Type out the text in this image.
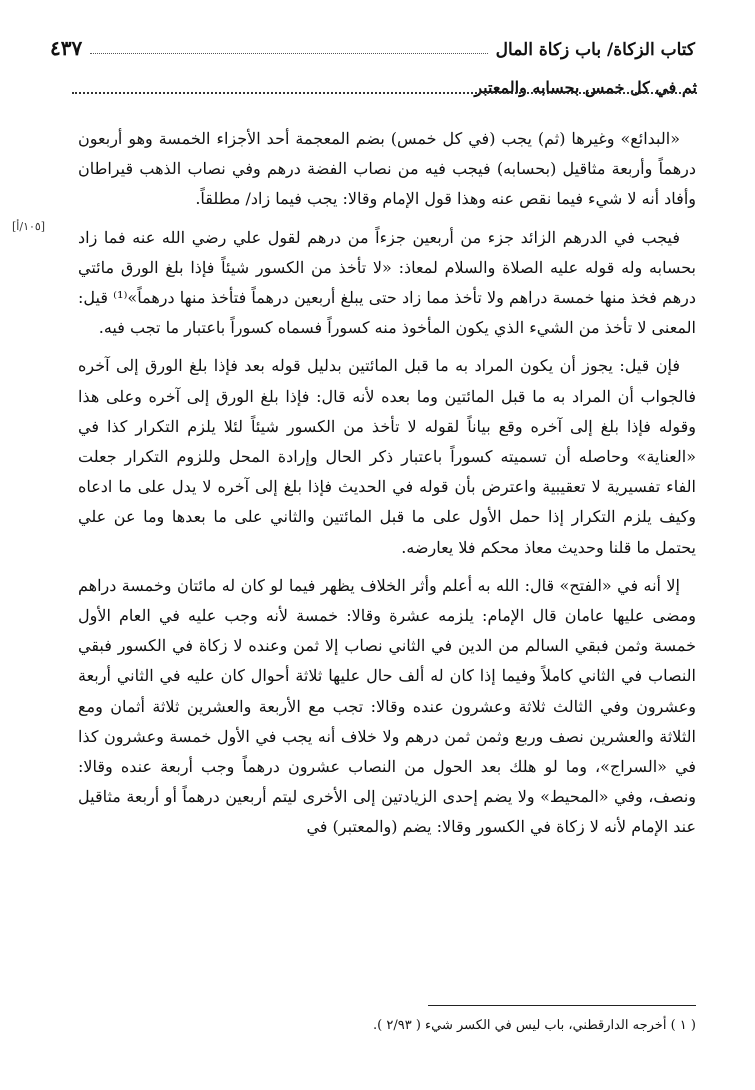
كتاب الزكاة/ باب زكاة المال
٤٣٧
ثم في كل خمس بحسابه والمعتبر
[١٠٥/أ]

«البدائع» وغيرها (ثم) يجب (في كل خمس) بضم المعجمة أحد الأجزاء الخمسة وهو أربعون درهماً وأربعة مثاقيل (بحسابه) فيجب فيه من نصاب الفضة درهم وفي نصاب الذهب قيراطان وأفاد أنه لا شيء فيما نقص عنه وهذا قول الإمام وقالا: يجب فيما زاد/ مطلقاً.

فيجب في الدرهم الزائد جزء من أربعين جزءاً من درهم لقول علي رضي الله عنه فما زاد بحسابه وله قوله عليه الصلاة والسلام لمعاذ: «لا تأخذ من الكسور شيئاً فإذا بلغ الورق مائتي درهم فخذ منها خمسة دراهم ولا تأخذ مما زاد حتى يبلغ أربعين درهماً فتأخذ منها درهماً»⁽¹⁾ قيل: المعنى لا تأخذ من الشيء الذي يكون المأخوذ منه كسوراً فسماه كسوراً باعتبار ما تجب فيه.

فإن قيل: يجوز أن يكون المراد به ما قبل المائتين بدليل قوله بعد فإذا بلغ الورق إلى آخره فالجواب أن المراد به ما قبل المائتين وما بعده لأنه قال: فإذا بلغ الورق إلى آخره وعلى هذا وقوله فإذا بلغ إلى آخره وقع بياناً لقوله لا تأخذ من الكسور شيئاً لئلا يلزم التكرار كذا في «العناية» وحاصله أن تسميته كسوراً باعتبار ذكر الحال وإرادة المحل وللزوم التكرار جعلت الفاء تفسيرية لا تعقيبية واعترض بأن قوله في الحديث فإذا بلغ إلى آخره لا يدل على ما ادعاه وكيف يلزم التكرار إذا حمل الأول على ما قبل المائتين والثاني على ما بعدها وما عن علي يحتمل ما قلنا وحديث معاذ محكم فلا يعارضه.

إلا أنه في «الفتح» قال: الله به أعلم وأثر الخلاف يظهر فيما لو كان له مائتان وخمسة دراهم ومضى عليها عامان قال الإمام: يلزمه عشرة وقالا: خمسة لأنه وجب عليه في العام الأول خمسة وثمن فبقي السالم من الدين في الثاني نصاب إلا ثمن وعنده لا زكاة في الكسور فبقي النصاب في الثاني كاملاً وفيما إذا كان له ألف حال عليها ثلاثة أحوال كان عليه في الثاني أربعة وعشرون وفي الثالث ثلاثة وعشرون عنده وقالا: تجب مع الأربعة والعشرين ثلاثة أثمان ومع الثلاثة والعشرين نصف وربع وثمن ثمن درهم ولا خلاف أنه يجب في الأول خمسة وعشرون كذا في «السراج»، وما لو هلك بعد الحول من النصاب عشرون درهماً وجب أربعة عنده وقالا: ونصف، وفي «المحيط» ولا يضم إحدى الزيادتين إلى الأخرى ليتم أربعين درهماً أو أربعة مثاقيل عند الإمام لأنه لا زكاة في الكسور وقالا: يضم (والمعتبر) في

( ١ ) أخرجه الدارقطني، باب ليس في الكسر شيء ( ٢/٩٣ ).
